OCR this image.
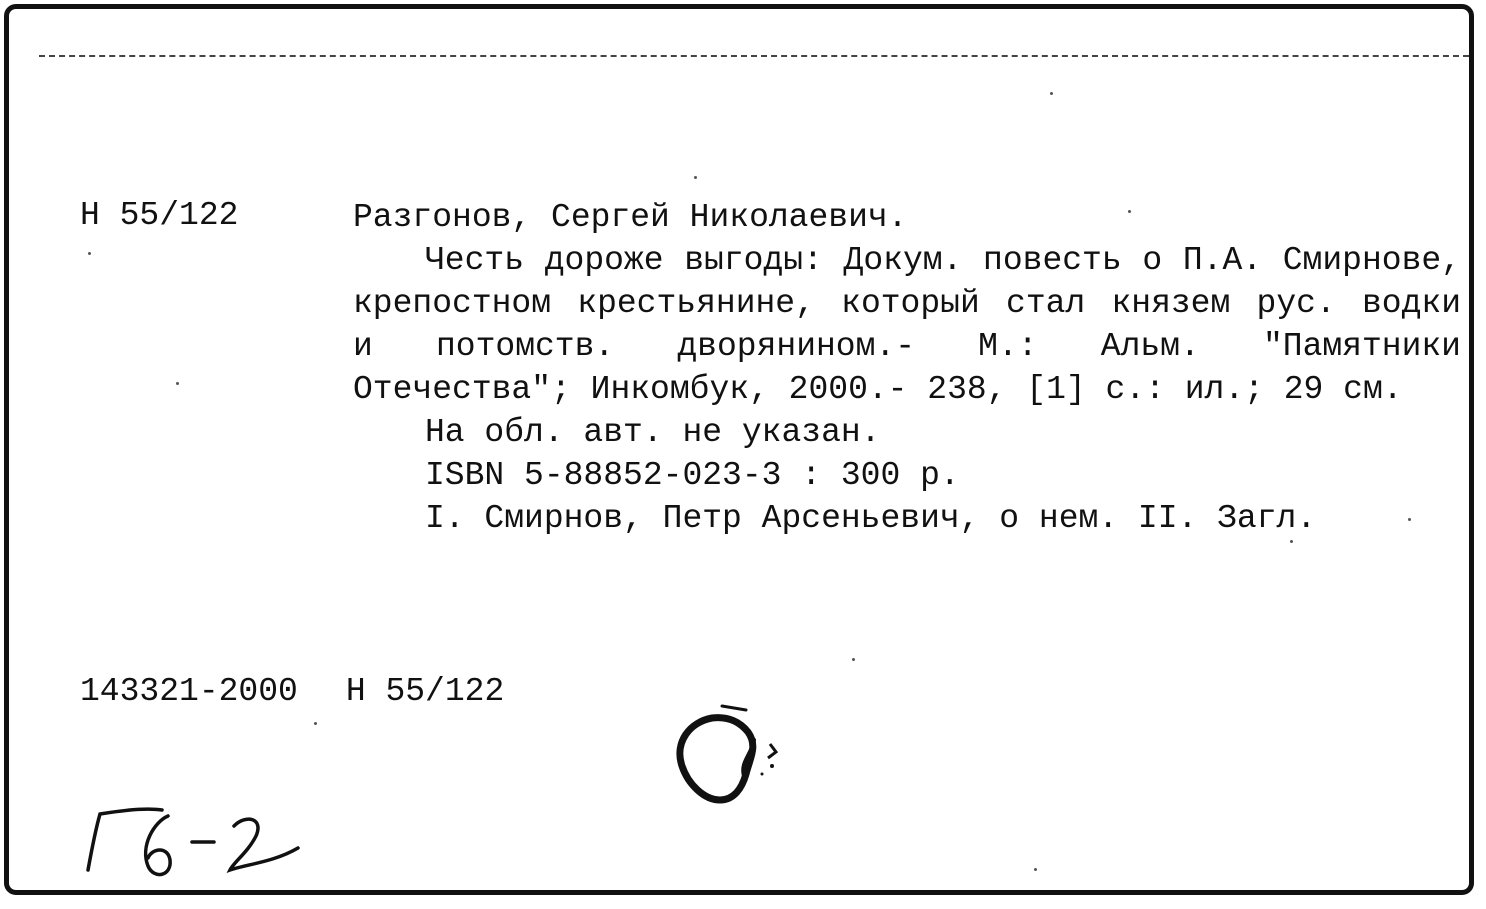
Н 55/122	Разгонов, Сергей Николаевич.

Честь дороже выгоды: Докум. повесть о П.А. Смирнове, крепостном крестьянине, который стал князем рус. водки и потомств. дворянином.- М.: Альм. "Памятники Отечества"; Инкомбук, 2000.- 238, [1] с.: ил.; 29 см.

На обл. авт. не указан.

ISBN 5-88852-023-3 : 300 р.

I. Смирнов, Петр Арсеньевич, о нем. II. Загл.

143321-2000 Н 55/122
